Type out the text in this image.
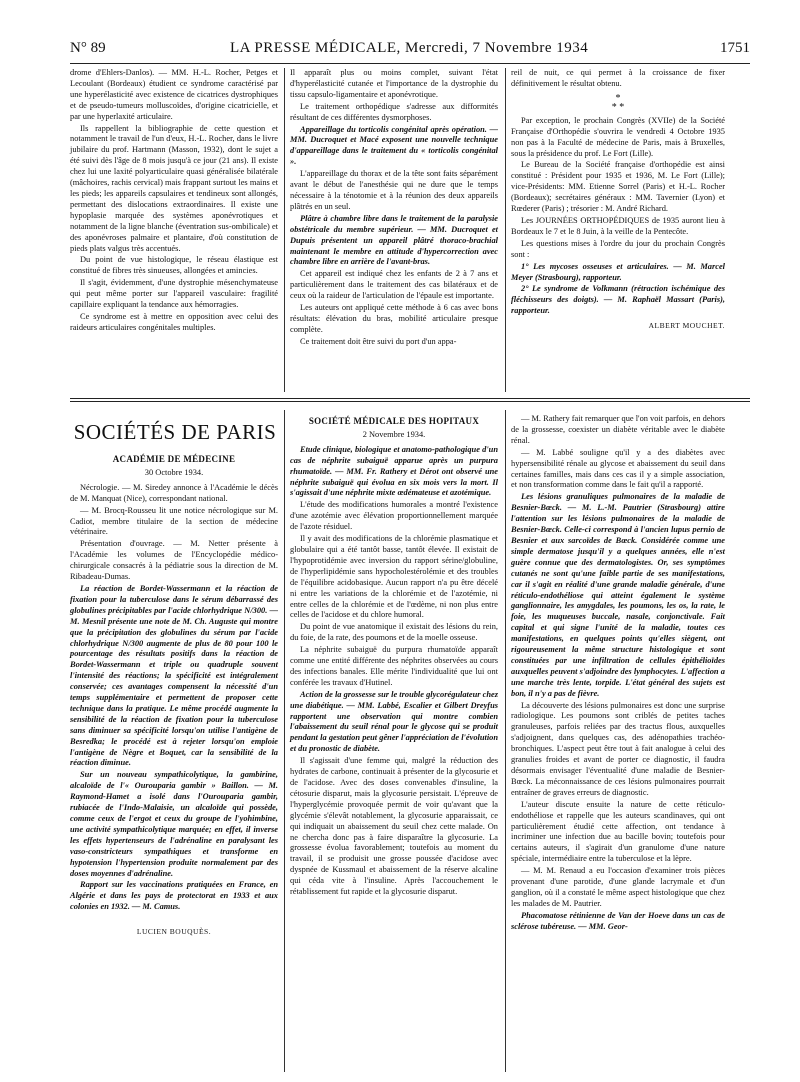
N° 89	LA PRESSE MÉDICALE, Mercredi, 7 Novembre 1934	1751

drome d'Ehlers-Danlos). — MM. H.-L. Rocher, Petges et Lecoulant (Bordeaux) étudient ce syndrome caractérisé par une hyperélasticité avec existence de cicatrices dystrophiques et de pseudo-tumeurs molluscoïdes, d'origine cicatricielle, et par une hyperlaxité articulaire.

Ils rappellent la bibliographie de cette question et notamment le travail de l'un d'eux, H.-L. Rocher, dans le livre jubilaire du prof. Hartmann (Masson, 1932), dont le sujet a été suivi dès l'âge de 8 mois jusqu'à ce jour (21 ans). Il existe chez lui une laxité polyarticulaire quasi généralisée bilatérale (mâchoires, rachis cervical) mais frappant surtout les mains et les pieds; les appareils capsulaires et tendineux sont allongés, permettant des dislocations extraordinaires. Il existe une hypoplasie marquée des systèmes aponévrotiques et notamment de la ligne blanche (éventration sus-ombilicale) et des aponévroses palmaire et plantaire, d'où constitution de pieds plats valgus très accentués.

Du point de vue histologique, le réseau élastique est constitué de fibres très sinueuses, allongées et amincies.

Il s'agit, évidemment, d'une dystrophie mésenchymateuse qui peut même porter sur l'appareil vasculaire: fragilité capillaire expliquant la tendance aux hémorragies.

Ce syndrome est à mettre en opposition avec celui des raideurs articulaires congénitales multiples.

Il apparaît plus ou moins complet, suivant l'état d'hyperélasticité cutanée et l'importance de la dystrophie du tissu capsulo-ligamentaire et aponévrotique.

Le traitement orthopédique s'adresse aux difformités résultant de ces différentes dysmorphoses.

Appareillage du torticolis congénital après opération. — MM. Ducroquet et Macé exposent une nouvelle technique d'appareillage dans le traitement du « torticolis congénital ».

L'appareillage du thorax et de la tête sont faits séparément avant le début de l'anesthésie qui ne dure que le temps nécessaire à la ténotomie et à la réunion des deux appareils plâtrés en un seul.

Plâtre à chambre libre dans le traitement de la paralysie obstétricale du membre supérieur. — MM. Ducroquet et Dupuis présentent un appareil plâtré thoraco-brachial maintenant le membre en attitude d'hypercorrection avec chambre libre en arrière de l'avant-bras.

Cet appareil est indiqué chez les enfants de 2 à 7 ans et particulièrement dans le traitement des cas bilatéraux et de ceux où la raideur de l'articulation de l'épaule est importante.

Les auteurs ont appliqué cette méthode à 6 cas avec bons résultats: élévation du bras, mobilité articulaire presque complète.

Ce traitement doit être suivi du port d'un appa-

reil de nuit, ce qui permet à la croissance de fixer définitivement le résultat obtenu.

*
* *

Par exception, le prochain Congrès (XVIIe) de la Société Française d'Orthopédie s'ouvrira le vendredi 4 Octobre 1935 non pas à la Faculté de médecine de Paris, mais à Bruxelles, sous la présidence du prof. Le Fort (Lille).

Le Bureau de la Société française d'orthopédie est ainsi constitué : Président pour 1935 et 1936, M. Le Fort (Lille); vice-Présidents: MM. Etienne Sorrel (Paris) et H.-L. Rocher (Bordeaux); secrétaires généraux : MM. Tavernier (Lyon) et Rœderer (Paris) ; trésorier : M. André Richard.

Les JOURNÉES ORTHOPÉDIQUES de 1935 auront lieu à Bordeaux le 7 et le 8 Juin, à la veille de la Pentecôte.

Les questions mises à l'ordre du jour du prochain Congrès sont :

1° Les mycoses osseuses et articulaires. — M. Marcel Meyer (Strasbourg), rapporteur.

2° Le syndrome de Volkmann (rétraction ischémique des fléchisseurs des doigts). — M. Raphaël Massart (Paris), rapporteur.

ALBERT MOUCHET.
SOCIÉTÉS DE PARIS
ACADÉMIE DE MÉDECINE
30 Octobre 1934.

Nécrologie. — M. Siredey annonce à l'Académie le décès de M. Manquat (Nice), correspondant national.

— M. Brocq-Rousseu lit une notice nécrologique sur M. Cadiot, membre titulaire de la section de médecine vétérinaire.

Présentation d'ouvrage. — M. Netter présente à l'Académie les volumes de l'Encyclopédie médico-chirurgicale consacrés à la pédiatrie sous la direction de M. Ribadeau-Dumas.

La réaction de Bordet-Wassermann et la réaction de fixation pour la tuberculose dans le sérum débarrassé des globulines précipitables par l'acide chlorhydrique N/300. — M. Mesnil présente une note de M. Ch. Auguste qui montre que la précipitation des globulines du sérum par l'acide chlorhydrique N/300 augmente de plus de 80 pour 100 le pourcentage des résultats positifs dans la réaction de Bordet-Wassermann et triple ou quadruple souvent l'intensité des réactions; la spécificité est intégralement conservée; ces avantages compensent la nécessité d'un temps supplémentaire et permettent de proposer cette technique dans la pratique. Le même procédé augmente la sensibilité de la réaction de fixation pour la tuberculose sans diminuer sa spécificité lorsqu'on utilise l'antigène de Besredka; le procédé est à rejeter lorsqu'on emploie l'antigène de Nègre et Boquet, car la sensibilité de la réaction diminue.

Sur un nouveau sympathicolytique, la gambirine, alcaloïde de l'« Ourouparia gambir » Baillon. — M. Raymond-Hamet a isolé dans l'Ourouparia gambir, rubiacée de l'Indo-Malaisie, un alcaloïde qui possède, comme ceux de l'ergot et ceux du groupe de l'yohimbine, une activité sympathicolytique marquée; en effet, il inverse les effets hypertenseurs de l'adrénaline en paralysant les vaso-constricteurs sympathiques et transforme en hypotension l'hypertension produite normalement par des doses moyennes d'adrénaline.

Rapport sur les vaccinations pratiquées en France, en Algérie et dans les pays de protectorat en 1933 et aux colonies en 1932. — M. Camus.

LUCIEN BOUQUÈS.
SOCIÉTÉ MÉDICALE DES HOPITAUX
2 Novembre 1934.

Etude clinique, biologique et anatomo-pathologique d'un cas de néphrite subaiguë apparue après un purpura rhumatoïde. — MM. Fr. Rathery et Dérot ont observé une néphrite subaiguë qui évolua en six mois vers la mort. Il s'agissait d'une néphrite mixte œdémateuse et azotémique.

L'étude des modifications humorales a montré l'existence d'une azotémie avec élévation proportionnellement marquée de l'azote résiduel.

Il y avait des modifications de la chlorémie plasmatique et globulaire qui a été tantôt basse, tantôt élevée. Il existait de l'hypoprotidémie avec inversion du rapport sérine/globuline, de l'hyperlipidémie sans hypocholestérolémie et des troubles de l'équilibre acidobasique. Aucun rapport n'a pu être décelé ni entre les variations de la chlorémie et de l'azotémie, ni entre celles de la chlorémie et de l'œdème, ni non plus entre celles de l'acidose et du chlore humoral.

Du point de vue anatomique il existait des lésions du rein, du foie, de la rate, des poumons et de la moelle osseuse.

La néphrite subaiguë du purpura rhumatoïde apparaît comme une entité différente des néphrites observées au cours des infections banales. Elle mérite l'individualité que lui ont conférée les travaux d'Hutinel.

Action de la grossesse sur le trouble glycorégulateur chez une diabétique. — MM. Labbé, Escalier et Gilbert Dreyfus rapportent une observation qui montre combien l'abaissement du seuil rénal pour le glycose qui se produit pendant la gestation peut gêner l'appréciation de l'évolution et du pronostic de diabète.

Il s'agissait d'une femme qui, malgré la réduction des hydrates de carbone, continuait à présenter de la glycosurie et de l'acidose. Avec des doses convenables d'insuline, la cétosurie disparut, mais la glycosurie persistait. L'épreuve de l'hyperglycémie provoquée permit de voir qu'avant que la glycémie s'élevât notablement, la glycosurie apparaissait, ce qui indiquait un abaissement du seuil chez cette malade. On ne chercha donc pas à faire disparaître la glycosurie. La grossesse évolua favorablement; toutefois au moment du travail, il se produisit une grosse poussée d'acidose avec dyspnée de Kussmaul et abaissement de la réserve alcaline qui céda vite à l'insuline. Après l'accouchement le rétablissement fut rapide et la glycosurie disparut.

— M. Rathery fait remarquer que l'on voit parfois, en dehors de la grossesse, coexister un diabète véritable avec le diabète rénal.

— M. Labbé souligne qu'il y a des diabètes avec hypersensibilité rénale au glycose et abaissement du seuil dans certaines familles, mais dans ces cas il y a simple association, et non transformation comme dans le fait qu'il a rapporté.

Les lésions granuliques pulmonaires de la maladie de Besnier-Bœck. — M. L.-M. Pautrier (Strasbourg) attire l'attention sur les lésions pulmonaires de la maladie de Besnier-Bœck. Celle-ci correspond à l'ancien lupus pernio de Besnier et aux sarcoïdes de Bœck. Considérée comme une simple dermatose jusqu'il y a quelques années, elle n'est guère connue que des dermatologistes. Or, ses symptômes cutanés ne sont qu'une faible partie de ses manifestations, car il s'agit en réalité d'une grande maladie générale, d'une réticulo-endothéliose qui atteint également le système ganglionnaire, les amygdales, les poumons, les os, la rate, le foie, les muqueuses buccale, nasale, conjonctivale. Fait capital et qui signe l'unité de la maladie, toutes ces manifestations, en quelques points qu'elles siègent, ont rigoureusement la même structure histologique et sont constituées par une infiltration de cellules épithélioïdes auxquelles peuvent s'adjoindre des lymphocytes. L'affection a une marche très lente, torpide. L'état général des sujets est bon, il n'y a pas de fièvre.

La découverte des lésions pulmonaires est donc une surprise radiologique. Les poumons sont criblés de petites taches granuleuses, parfois reliées par des tractus flous, auxquelles s'adjoignent, dans quelques cas, des adénopathies trachéo-bronchiques. L'aspect peut être tout à fait analogue à celui des granulies froides et avant de porter ce diagnostic, il faudra désormais envisager l'éventualité d'une maladie de Besnier-Bœck. La méconnaissance de ces lésions pulmonaires pourrait entraîner de graves erreurs de diagnostic.

L'auteur discute ensuite la nature de cette réticulo-endothéliose et rappelle que les auteurs scandinaves, qui ont particulièrement étudié cette affection, ont tendance à incriminer une infection due au bacille bovin; toutefois pour certains auteurs, il s'agirait d'un granulome d'une nature spéciale, intermédiaire entre la tuberculose et la lèpre.

— M. M. Renaud a eu l'occasion d'examiner trois pièces provenant d'une parotide, d'une glande lacrymale et d'un ganglion, où il a constaté le même aspect histologique que chez les malades de M. Pautrier.

Phacomatose rétinienne de Van der Hoeve dans un cas de sclérose tubéreuse. — MM. Geor-
